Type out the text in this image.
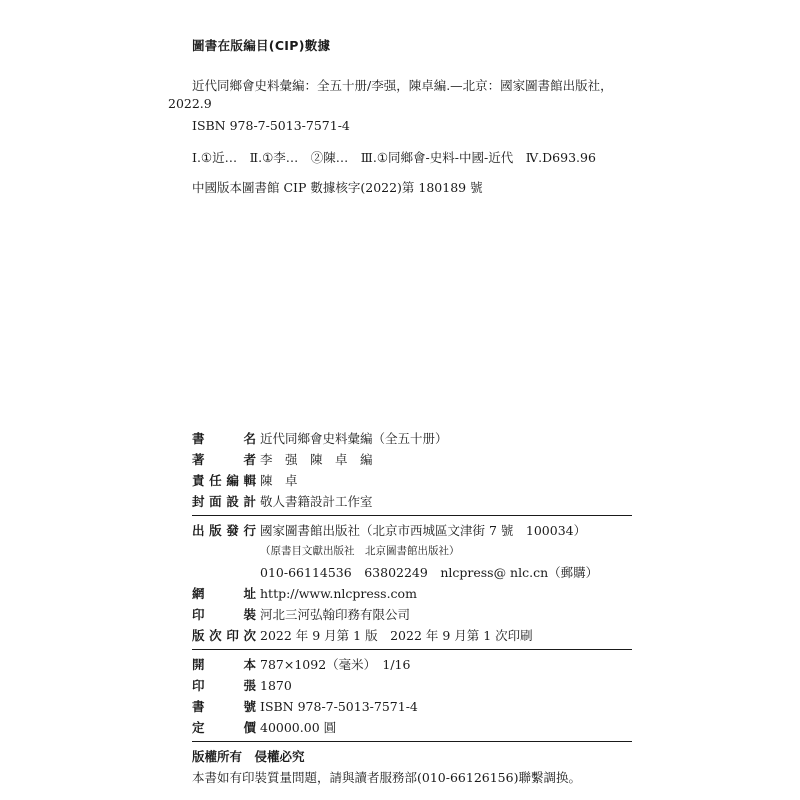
圖書在版編目(CIP)數據
近代同鄉會史料彙編：全五十册/李强，陳卓編.—北京：國家圖書館出版社，
2022.9
ISBN 978-7-5013-7571-4
Ⅰ.①近…　Ⅱ.①李…　②陳…　Ⅲ.①同鄉會-史料-中國-近代　Ⅳ.D693.96
中國版本圖書館 CIP 數據核字(2022)第 180189 號
書名 近代同鄉會史料彙編（全五十册）
著者 李　强　陳　卓　編
責任編輯 陳　卓
封面設計 敬人書籍設計工作室
出版發行 國家圖書館出版社（北京市西城區文津街 7 號　100034）
（原書目文獻出版社　北京圖書館出版社）
010-66114536　63802249　nlcpress@ nlc.cn（郵購）
網址 http://www.nlcpress.com
印裝 河北三河弘翰印務有限公司
版次印次 2022 年 9 月第 1 版　2022 年 9 月第 1 次印刷
開本 787×1092（毫米）　1/16
印張 1870
書號 ISBN 978-7-5013-7571-4
定價 40000.00 圓
版權所有　侵權必究
本書如有印裝質量問題，請與讀者服務部(010-66126156)聯繫調换。
